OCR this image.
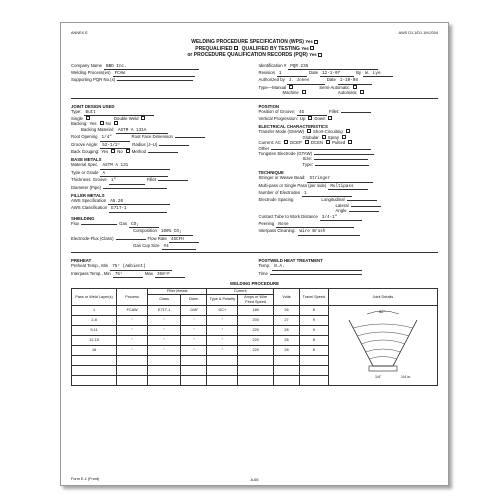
ANNEX E	AWS D1.1/D1.1M:2004
WELDING PROCEDURE SPECIFICATION (WPS) Yes
PREQUALIFIED QUALIFIED BY TESTING Yes
or PROCEDURE QUALIFICATION RECORDS (PQR) Yes
Company Name BBD Inc.
Welding Process(es) FCAW
Supporting PQR No.(s)
Identification # PQR 235
Revision 1	Date 12-1-07	By W. Lye
Authorized by J. Jones	Date 1-10-08
Type—Manual	Semi-Automatic
Machine	Automatic
JOINT DESIGN USED
Type: Butt
Single	Double Weld
Backing: Yes No
Backing Material: ASTM A 131A
Root Opening 1/4"	Root Face Dimension
Groove Angle: 52-1/2°	Radius (J–U)
Back Gouging: Yes No Method
BASE METALS
Material Spec. ASTM A 131
Type or Grade A
Thickness: Groove 1"	Fillet
Diameter (Pipe)
FILLER METALS
AWS Specification A5.20
AWS Classification E71T-1
SHIELDING
Flux	Gas CO₂
Composition 100% CO₂
Electrode-Flux (Class)	Flow Rate 45CFH
Gas Cup Size #4
POSITION
Position of Groove: 4G	Fillet:
Vertical Progression: Up Down
ELECTRICAL CHARACTERISTICS
Transfer Mode (GMAW) Short-Circuiting
Globular Spray
Current: AC DCEP DCEN Pulsed
Other
Tungsten Electrode (GTAW)
Size:
Type:
TECHNIQUE
Stringer or Weave Bead: Stringer
Multi-pass or Single Pass (per side) Multipass
Number of Electrodes 1
Electrode Spacing	Longitudinal
Lateral
Angle
Contact Tube to Work Distance 3/4-1"
Peening None
Interpass Cleaning: Wire Brush
PREHEAT
Preheat Temp., Min 75° (Ambient)
Interpass Temp., Min 75°	Max 350°F
POSTWELD HEAT TREATMENT
Temp. N.A.
Time
WELDING PROCEDURE
Pass or Weld Layer(s)	Process	Filler Metals		Current		Volts	Travel Speed	Joint Details
		Class	Diam.	Type & Polarity	Amps or Wire Feed Speed			
1	FCAW	E71T-1	.045"	DC+	180	26	8	52°
1/4" 1/4 in.

2-8	"	"	"	"	200	27	9	
9-11	"	"	"	"	220	28	9	
12-15	"	"	"	"	220	28	8	
16	"	"	"	"	220	28	8	

Form E-1 (Front)	A-66
